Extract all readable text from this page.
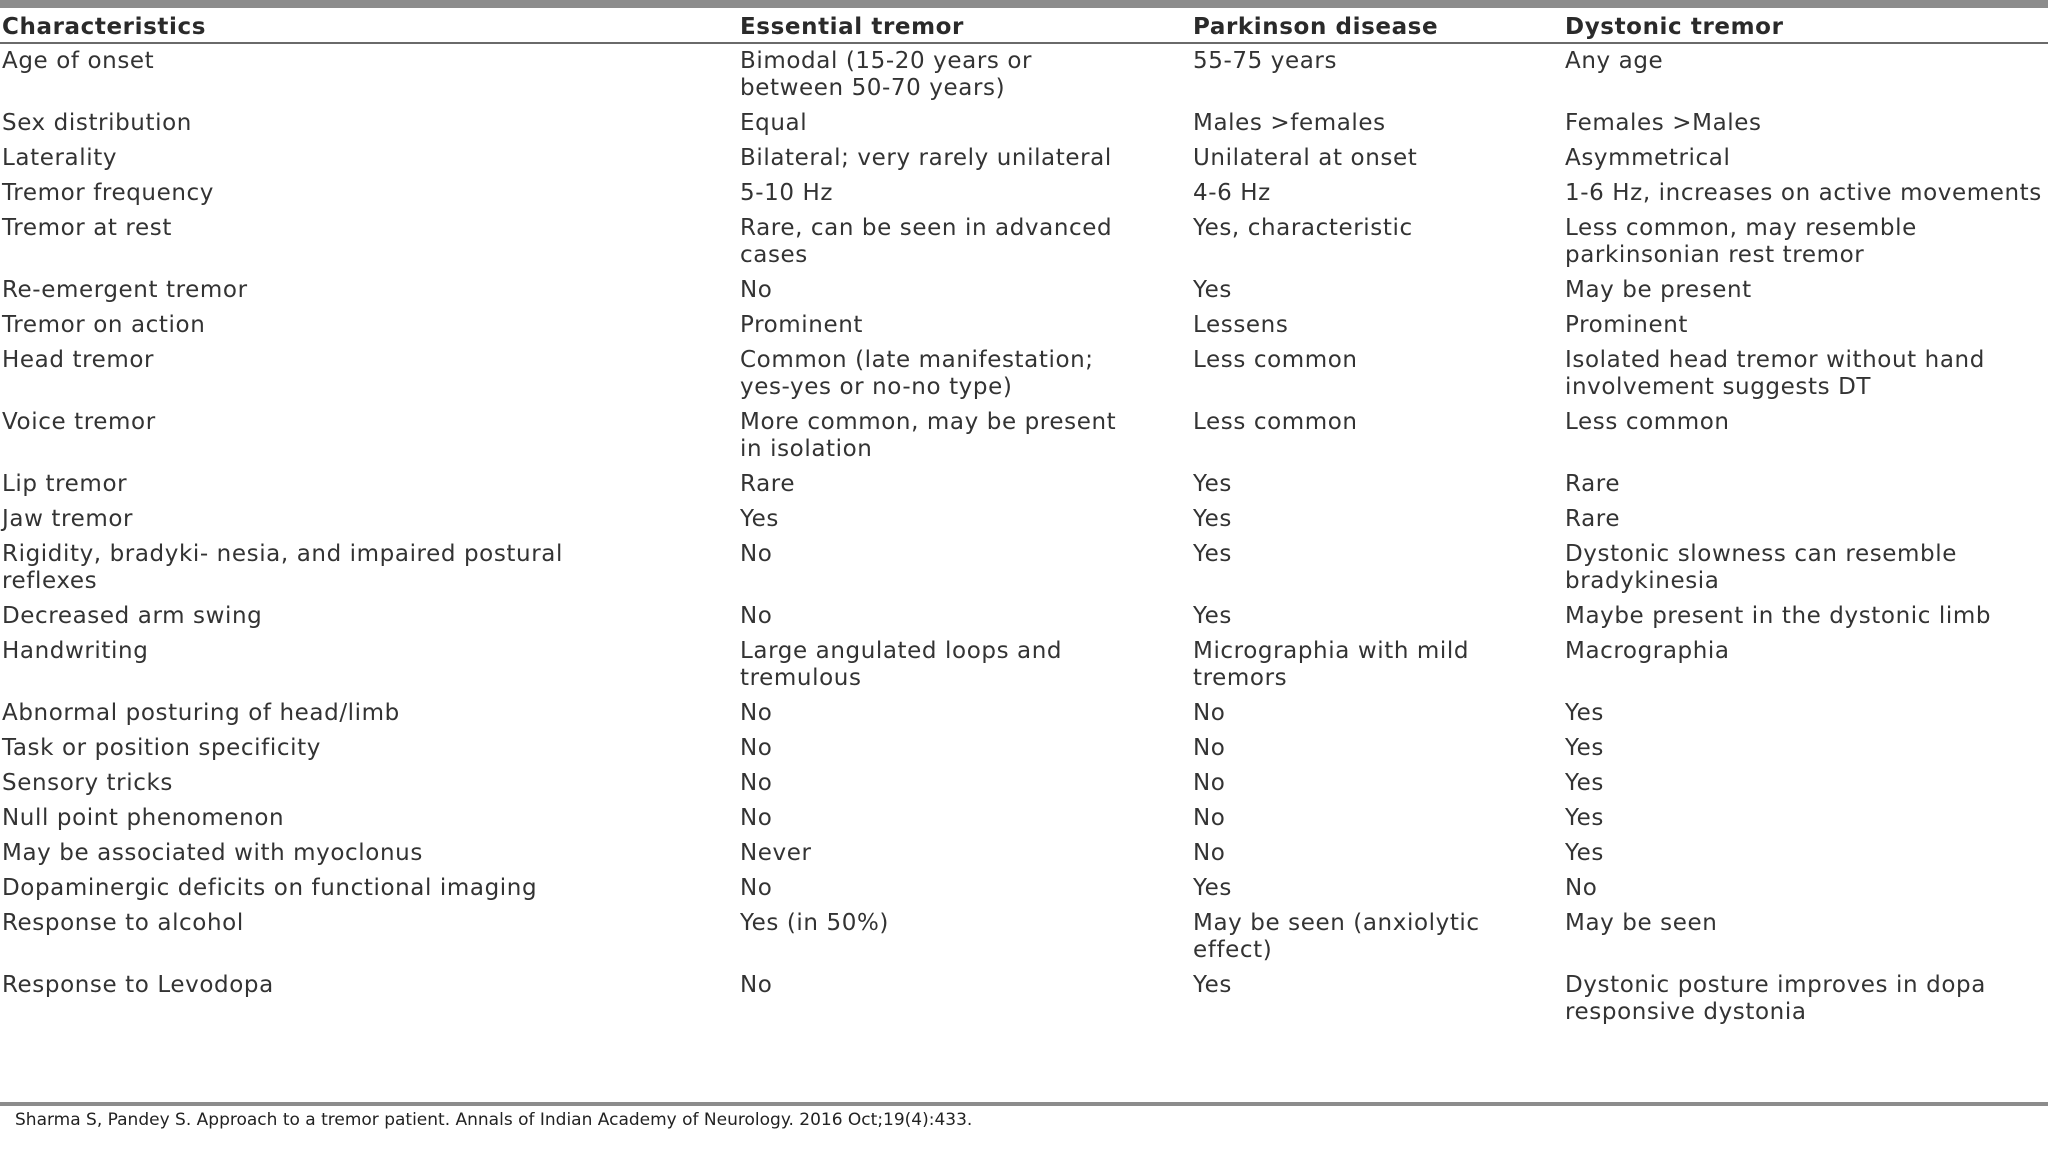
Characteristics	Essential tremor	Parkinson disease	Dystonic tremor
Age of onset	Bimodal (15-20 years or between 50-70 years)	55-75 years	Any age
Sex distribution	Equal	Males >females	Females >Males
Laterality	Bilateral; very rarely unilateral	Unilateral at onset	Asymmetrical
Tremor frequency	5-10 Hz	4-6 Hz	1-6 Hz, increases on active movements
Tremor at rest	Rare, can be seen in advanced cases	Yes, characteristic	Less common, may resemble parkinsonian rest tremor
Re-emergent tremor	No	Yes	May be present
Tremor on action	Prominent	Lessens	Prominent
Head tremor	Common (late manifestation; yes-yes or no-no type)	Less common	Isolated head tremor without hand involvement suggests DT
Voice tremor	More common, may be present in isolation	Less common	Less common
Lip tremor	Rare	Yes	Rare
Jaw tremor	Yes	Yes	Rare
Rigidity, bradyki- nesia, and impaired postural reflexes	No	Yes	Dystonic slowness can resemble bradykinesia
Decreased arm swing	No	Yes	Maybe present in the dystonic limb
Handwriting	Large angulated loops and tremulous	Micrographia with mild tremors	Macrographia
Abnormal posturing of head/limb	No	No	Yes
Task or position specificity	No	No	Yes
Sensory tricks	No	No	Yes
Null point phenomenon	No	No	Yes
May be associated with myoclonus	Never	No	Yes
Dopaminergic deficits on functional imaging	No	Yes	No
Response to alcohol	Yes (in 50%)	May be seen (anxiolytic effect)	May be seen
Response to Levodopa	No	Yes	Dystonic posture improves in dopa responsive dystonia
Sharma S, Pandey S. Approach to a tremor patient. Annals of Indian Academy of Neurology. 2016 Oct;19(4):433.
